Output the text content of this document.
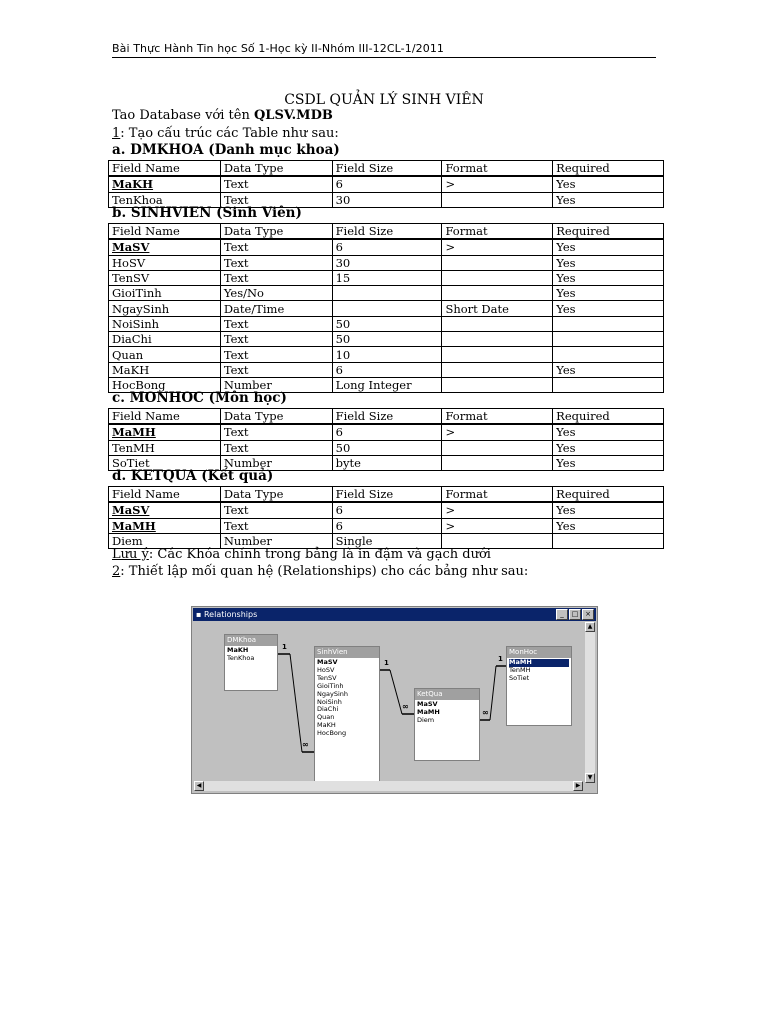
Bài Thực Hành Tin học Số 1-Học kỳ II-Nhóm III-12CL-1/2011
CSDL QUẢN LÝ SINH VIÊN
Tao Database với tên QLSV.MDB
1: Tạo cấu trúc các Table như sau:
a. DMKHOA (Danh mục khoa)
Field Name	Data Type	Field Size	Format	Required
MaKH	Text	6	>	Yes
TenKhoa	Text	30		Yes
b. SINHVIEN (Sinh Viên)
Field Name	Data Type	Field Size	Format	Required
MaSV	Text	6	>	Yes
HoSV	Text	30		Yes
TenSV	Text	15		Yes
GioiTinh	Yes/No			Yes
NgaySinh	Date/Time		Short Date	Yes
NoiSinh	Text	50		
DiaChi	Text	50		
Quan	Text	10		
MaKH	Text	6		Yes
HocBong	Number	Long Integer		
c. MONHOC (Môn học)
Field Name	Data Type	Field Size	Format	Required
MaMH	Text	6	>	Yes
TenMH	Text	50		Yes
SoTiet	Number	byte		Yes
d. KETQUA (Kết quả)
Field Name	Data Type	Field Size	Format	Required
MaSV	Text	6	>	Yes
MaMH	Text	6	>	Yes
Diem	Number	Single		
Lưu ý: Các Khóa chính trong bảng là in đậm và gạch dưới
2: Thiết lập mối quan hệ (Relationships) cho các bảng như sau:
▪ Relationships	_	□ ×
1
∞
1
∞
∞
1
DMKhoa
MaKH
TenKhoa
SinhVien
MaSV
HoSV
TenSV
GioiTinh
NgaySinh
NoiSinh
DiaChi
Quan
MaKH
HocBong
KetQua
MaSV
MaMH
Diem
MonHoc
MaMH
TenMH
SoTiet
▲
▼
◀	▶
